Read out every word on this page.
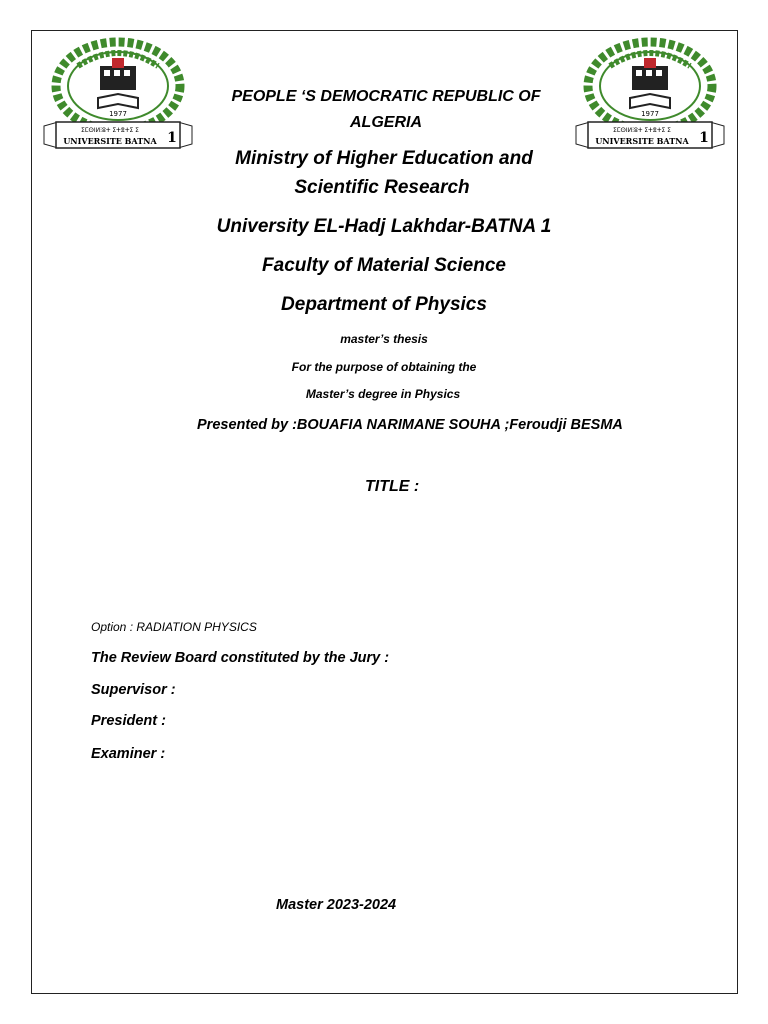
1977
ⵉⵎⵙⵏⵍⵗⵓⵜ ⵉⵜⴻⵜⵉ ⵉ
UNIVERSITE BATNA 1
1977
ⵉⵎⵙⵏⵍⵗⵓⵜ ⵉⵜⴻⵜⵉ ⵉ
UNIVERSITE BATNA 1
PEOPLE ‘S DEMOCRATIC REPUBLIC OF
ALGERIA
Ministry of Higher Education and
Scientific Research
University EL-Hadj Lakhdar-BATNA 1
Faculty of Material Science
Department of Physics
master’s thesis
For the purpose of obtaining the
Master’s degree in Physics
Presented by :BOUAFIA NARIMANE SOUHA ;Feroudji BESMA
TITLE :
Option : RADIATION PHYSICS
The Review Board constituted by the Jury :
Supervisor :
President :
Examiner :
Master 2023-2024
